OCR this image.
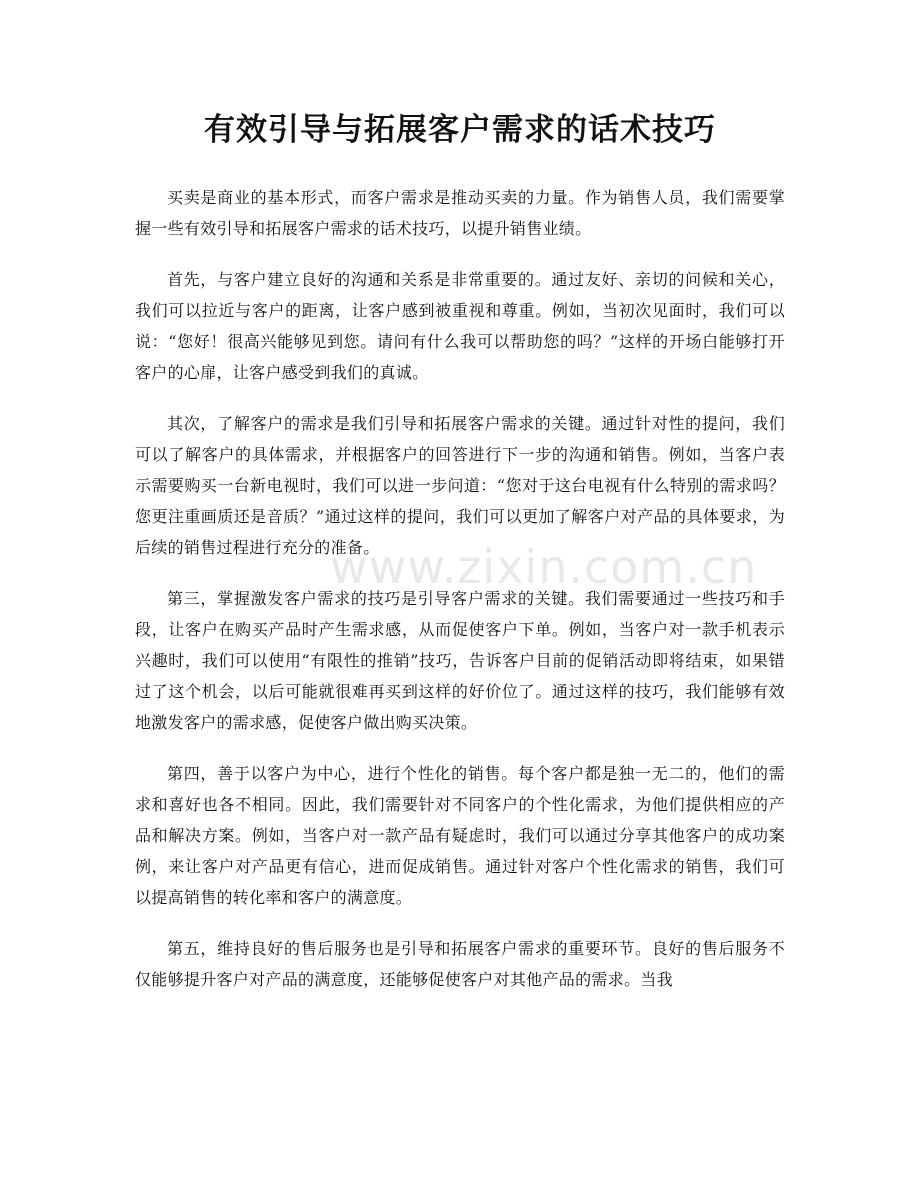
有效引导与拓展客户需求的话术技巧

买卖是商业的基本形式，而客户需求是推动买卖的力量。作为销售人员，我们需要掌握一些有效引导和拓展客户需求的话术技巧，以提升销售业绩。

首先，与客户建立良好的沟通和关系是非常重要的。通过友好、亲切的问候和关心，我们可以拉近与客户的距离，让客户感到被重视和尊重。例如，当初次见面时，我们可以说：“您好！很高兴能够见到您。请问有什么我可以帮助您的吗？”这样的开场白能够打开客户的心扉，让客户感受到我们的真诚。

其次，了解客户的需求是我们引导和拓展客户需求的关键。通过针对性的提问，我们可以了解客户的具体需求，并根据客户的回答进行下一步的沟通和销售。例如，当客户表示需要购买一台新电视时，我们可以进一步问道：“您对于这台电视有什么特别的需求吗？您更注重画质还是音质？”通过这样的提问，我们可以更加了解客户对产品的具体要求，为后续的销售过程进行充分的准备。

第三，掌握激发客户需求的技巧是引导客户需求的关键。我们需要通过一些技巧和手段，让客户在购买产品时产生需求感，从而促使客户下单。例如，当客户对一款手机表示兴趣时，我们可以使用“有限性的推销”技巧，告诉客户目前的促销活动即将结束，如果错过了这个机会，以后可能就很难再买到这样的好价位了。通过这样的技巧，我们能够有效地激发客户的需求感，促使客户做出购买决策。

第四，善于以客户为中心，进行个性化的销售。每个客户都是独一无二的，他们的需求和喜好也各不相同。因此，我们需要针对不同客户的个性化需求，为他们提供相应的产品和解决方案。例如，当客户对一款产品有疑虑时，我们可以通过分享其他客户的成功案例，来让客户对产品更有信心，进而促成销售。通过针对客户个性化需求的销售，我们可以提高销售的转化率和客户的满意度。

第五，维持良好的售后服务也是引导和拓展客户需求的重要环节。良好的售后服务不仅能够提升客户对产品的满意度，还能够促使客户对其他产品的需求。当我

www.zixin.com.cn
